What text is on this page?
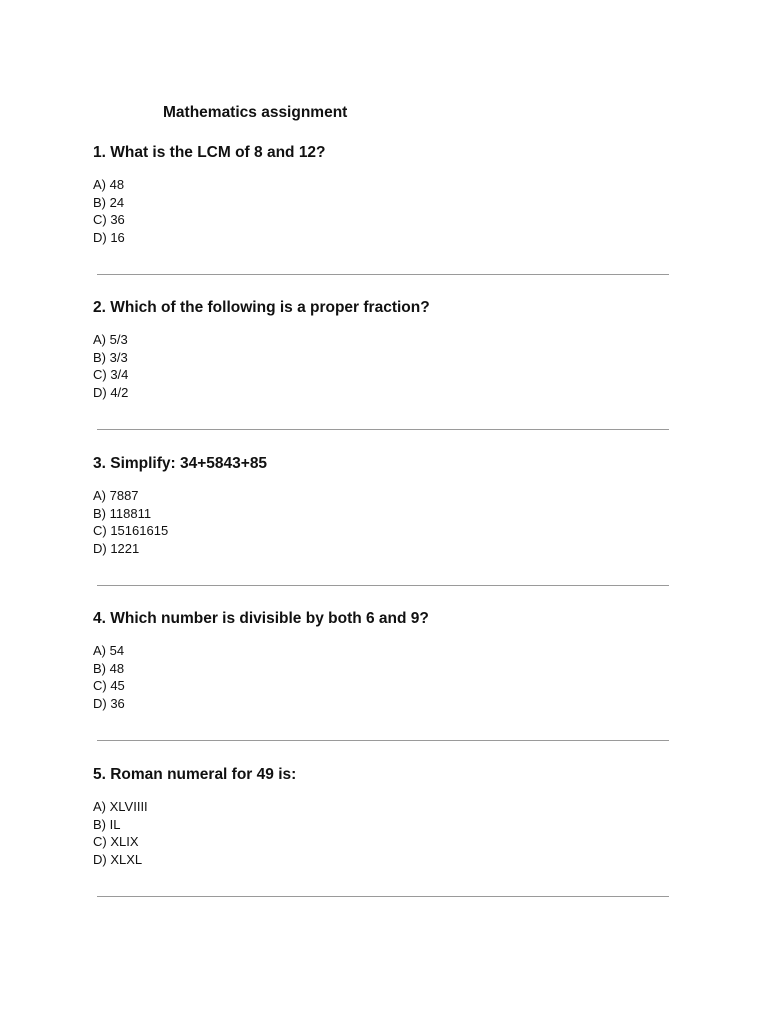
Mathematics assignment

1. What is the LCM of 8 and 12?

A) 48
B) 24
C) 36
D) 16

2. Which of the following is a proper fraction?

A) 5/3
B) 3/3
C) 3/4
D) 4/2

3. Simplify: 34+5843+85

A) 7887
B) 118811
C) 15161615
D) 1221

4. Which number is divisible by both 6 and 9?

A) 54
B) 48
C) 45
D) 36

5. Roman numeral for 49 is:

A) XLVIIII
B) IL
C) XLIX
D) XLXL
